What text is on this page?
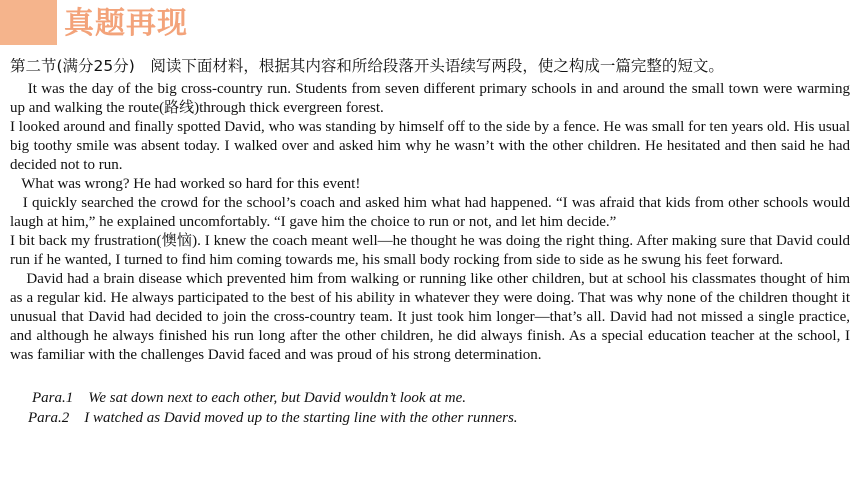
真题再现
第二节(满分25分)　阅读下面材料，根据其内容和所给段落开头语续写两段，使之构成一篇完整的短文。

It was the day of the big cross-country run. Students from seven different primary schools in and around the small town were warming up and walking the route(路线)through thick evergreen forest.

I looked around and finally spotted David, who was standing by himself off to the side by a fence. He was small for ten years old. His usual big toothy smile was absent today. I walked over and asked him why he wasn’t with the other children. He hesitated and then said he had decided not to run.

What was wrong? He had worked so hard for this event!

I quickly searched the crowd for the school’s coach and asked him what had happened. “I was afraid that kids from other schools would laugh at him,” he explained uncomfortably. “I gave him the choice to run or not, and let him decide.”

I bit back my frustration(懊恼). I knew the coach meant well—he thought he was doing the right thing. After making sure that David could run if he wanted, I turned to find him coming towards me, his small body rocking from side to side as he swung his feet forward.

David had a brain disease which prevented him from walking or running like other children, but at school his classmates thought of him as a regular kid. He always participated to the best of his ability in whatever they were doing. That was why none of the children thought it unusual that David had decided to join the cross-country team. It just took him longer—that’s all. David had not missed a single practice, and although he always finished his run long after the other children, he did always finish. As a special education teacher at the school, I was familiar with the challenges David faced and was proud of his strong determination.

Para.1    We sat down next to each other, but David wouldn’t look at me.
Para.2    I watched as David moved up to the starting line with the other runners.
